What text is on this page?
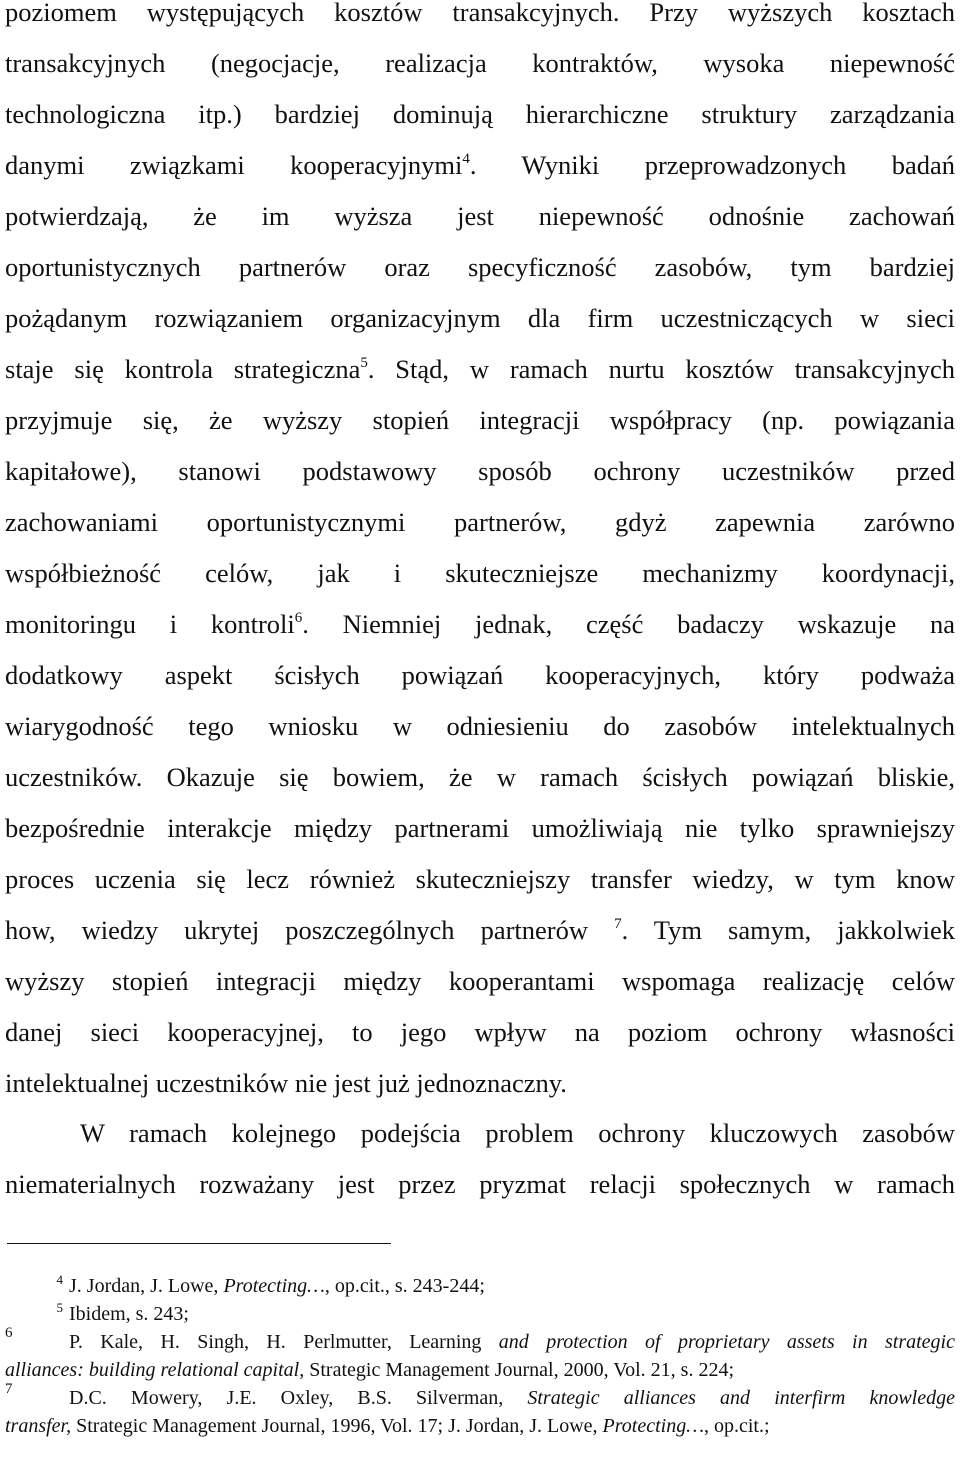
poziomem występujących kosztów transakcyjnych. Przy wyższych kosztach
transakcyjnych (negocjacje, realizacja kontraktów, wysoka niepewność
technologiczna itp.) bardziej dominują hierarchiczne struktury zarządzania
danymi związkami kooperacyjnymi$^4$. Wyniki przeprowadzonych badań
potwierdzają, że im wyższa jest niepewność odnośnie zachowań
oportunistycznych partnerów oraz specyficzność zasobów, tym bardziej
pożądanym rozwiązaniem organizacyjnym dla firm uczestniczących w sieci
staje się kontrola strategiczna$^5$. Stąd, w ramach nurtu kosztów transakcyjnych
przyjmuje się, że wyższy stopień integracji współpracy (np. powiązania
kapitałowe), stanowi podstawowy sposób ochrony uczestników przed
zachowaniami oportunistycznymi partnerów, gdyż zapewnia zarówno
współbieżność celów, jak i skuteczniejsze mechanizmy koordynacji,
monitoringu i kontroli$^6$. Niemniej jednak, część badaczy wskazuje na
dodatkowy aspekt ścisłych powiązań kooperacyjnych, który podważa
wiarygodność tego wniosku w odniesieniu do zasobów intelektualnych
uczestników. Okazuje się bowiem, że w ramach ścisłych powiązań bliskie,
bezpośrednie interakcje między partnerami umożliwiają nie tylko sprawniejszy
proces uczenia się lecz również skuteczniejszy transfer wiedzy, w tym know
how, wiedzy ukrytej poszczególnych partnerów $^7$. Tym samym, jakkolwiek
wyższy stopień integracji między kooperantami wspomaga realizację celów
danej sieci kooperacyjnej, to jego wpływ na poziom ochrony własności
intelektualnej uczestników nie jest już jednoznaczny.
W ramach kolejnego podejścia problem ochrony kluczowych zasobów
niematerialnych rozważany jest przez pryzmat relacji społecznych w ramach
$^4$ J. Jordan, J. Lowe, Protecting…, op.cit., s. 243-244;
$^5$ Ibidem, s. 243;
$^6$	P. Kale, H. Singh, H. Perlmutter, Learning and protection of proprietary assets in strategic
alliances: building relational capital, Strategic Management Journal, 2000, Vol. 21, s. 224;
$^7$	D.C. Mowery, J.E. Oxley, B.S. Silverman, Strategic alliances and interfirm knowledge
transfer, Strategic Management Journal, 1996, Vol. 17; J. Jordan, J. Lowe, Protecting…, op.cit.;
